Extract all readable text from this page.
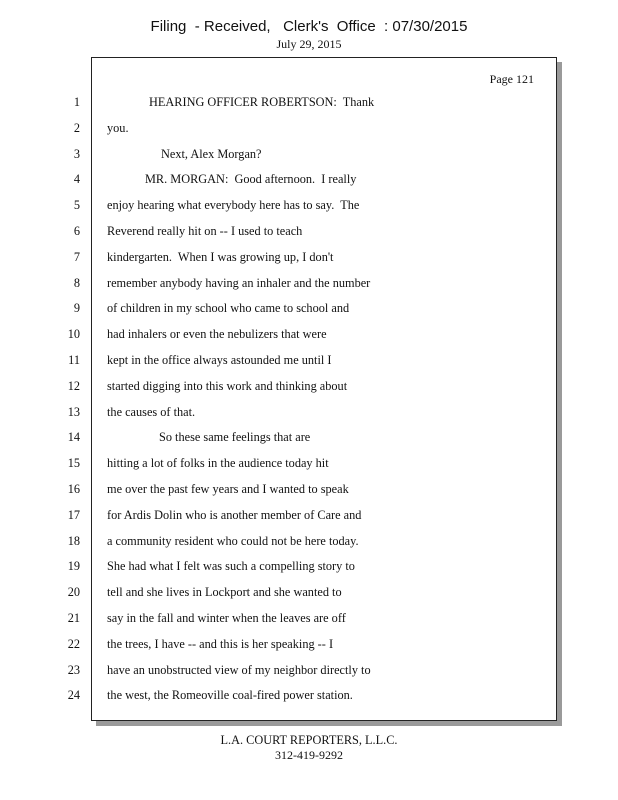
Filing  - Received,   Clerk's  Office  : 07/30/2015
July 29, 2015
Page 121
1	HEARING OFFICER ROBERTSON:  Thank
2 you.
3	Next, Alex Morgan?
4	MR. MORGAN:  Good afternoon.  I really
5 enjoy hearing what everybody here has to say.  The
6 Reverend really hit on -- I used to teach
7 kindergarten.  When I was growing up, I don't
8 remember anybody having an inhaler and the number
9 of children in my school who came to school and
10 had inhalers or even the nebulizers that were
11 kept in the office always astounded me until I
12 started digging into this work and thinking about
13 the causes of that.
14	So these same feelings that are
15 hitting a lot of folks in the audience today hit
16 me over the past few years and I wanted to speak
17 for Ardis Dolin who is another member of Care and
18 a community resident who could not be here today.
19 She had what I felt was such a compelling story to
20 tell and she lives in Lockport and she wanted to
21 say in the fall and winter when the leaves are off
22 the trees, I have -- and this is her speaking -- I
23 have an unobstructed view of my neighbor directly to
24 the west, the Romeoville coal-fired power station.
L.A. COURT REPORTERS, L.L.C.
312-419-9292
